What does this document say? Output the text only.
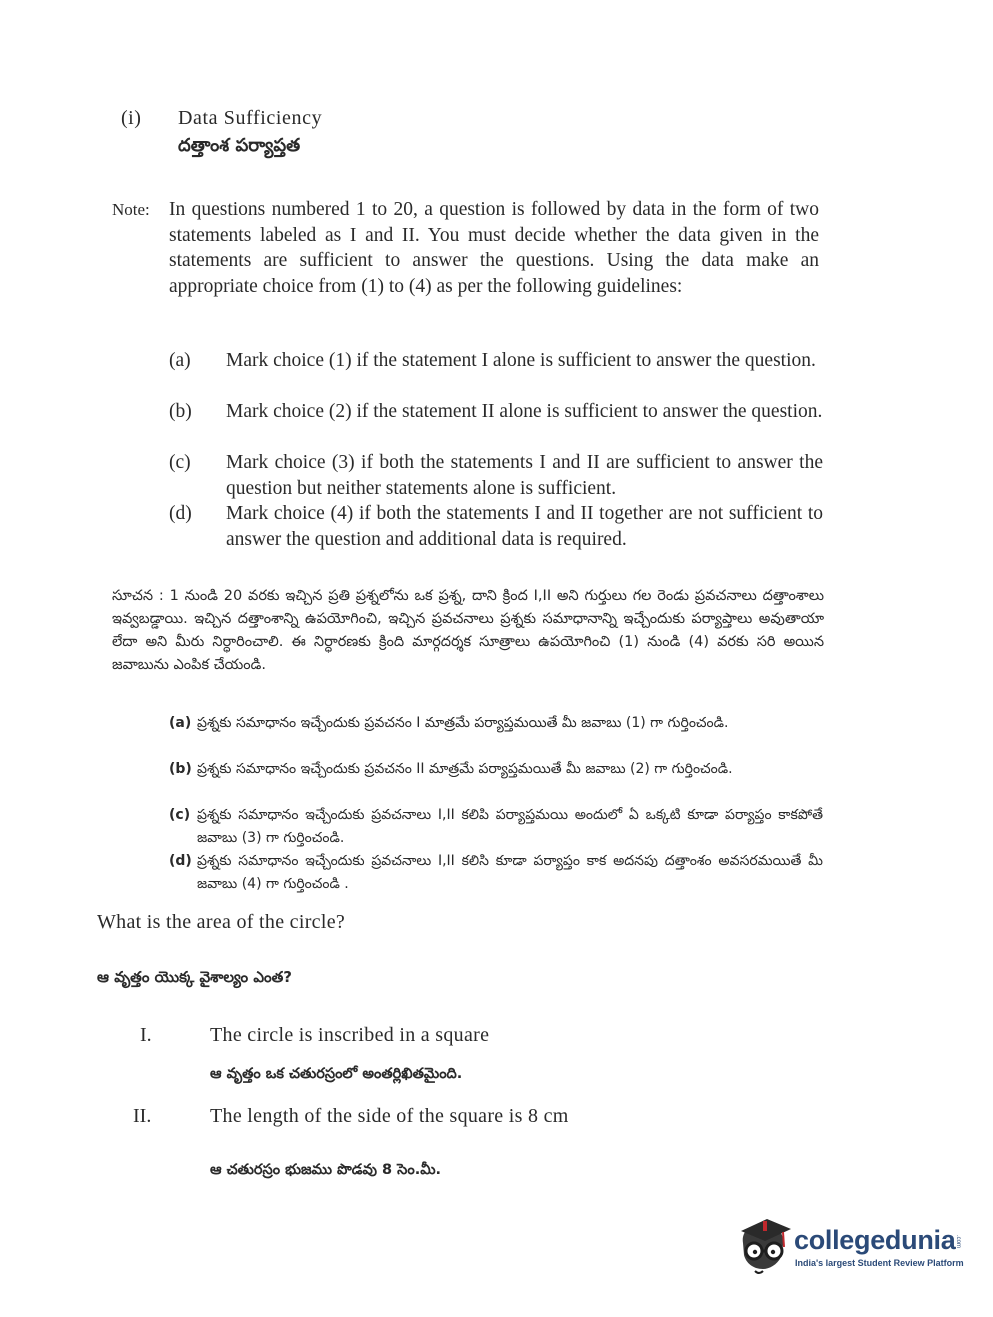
(i) Data Sufficiency
దత్తాంశ పర్యాప్తత
Note: In questions numbered 1 to 20, a question is followed by data in the form of two statements labeled as I and II. You must decide whether the data given in the statements are sufficient to answer the questions. Using the data make an appropriate choice from (1) to (4) as per the following guidelines:
(a) Mark choice (1) if the statement I alone is sufficient to answer the question.
(b) Mark choice (2) if the statement II alone is sufficient to answer the question.
(c) Mark choice (3) if both the statements I and II are sufficient to answer the question but neither statements alone is sufficient.
(d) Mark choice (4) if both the statements I and II together are not sufficient to answer the question and additional data is required.
సూచన : 1 నుండి 20 వరకు ఇచ్చిన ప్రతి ప్రశ్నలోను ఒక ప్రశ్న, దాని క్రింద I,II అని గుర్తులు గల రెండు ప్రవచనాలు దత్తాంశాలు ఇవ్వబడ్డాయి. ఇచ్చిన దత్తాంశాన్ని ఉపయోగించి, ఇచ్చిన ప్రవచనాలు ప్రశ్నకు సమాధానాన్ని ఇచ్చేందుకు పర్యాప్తాలు అవుతాయా లేదా అని మీరు నిర్ధారించాలి. ఈ నిర్ధారణకు క్రింది మార్గదర్శక సూత్రాలు ఉపయోగించి (1) నుండి (4) వరకు సరి అయిన జవాబును ఎంపిక చేయండి.
(a) ప్రశ్నకు సమాధానం ఇచ్చేందుకు ప్రవచనం I మాత్రమే పర్యాప్తమయితే మీ జవాబు (1) గా గుర్తించండి.
(b) ప్రశ్నకు సమాధానం ఇచ్చేందుకు ప్రవచనం II మాత్రమే పర్యాప్తమయితే మీ జవాబు (2) గా గుర్తించండి.
(c) ప్రశ్నకు సమాధానం ఇచ్చేందుకు ప్రవచనాలు I,II కలిపి పర్యాప్తమయి అందులో ఏ ఒక్కటి కూడా పర్యాప్తం కాకపోతే జవాబు (3) గా గుర్తించండి.
(d) ప్రశ్నకు సమాధానం ఇచ్చేందుకు ప్రవచనాలు I,II కలిసి కూడా పర్యాప్తం కాక అదనపు దత్తాంశం అవసరమయితే మీ జవాబు (4) గా గుర్తించండి .
What is the area of the circle?
ఆ వృత్తం యొక్క వైశాల్యం ఎంత?
I.	The circle is inscribed in a square
ఆ వృత్తం ఒక చతురస్రంలో అంతర్లిఖితమైంది.
II.	The length of the side of the square is 8 cm
ఆ చతురస్రం భుజము పొడవు 8 సెం.మీ.
collegedunia .com
India's largest Student Review Platform
